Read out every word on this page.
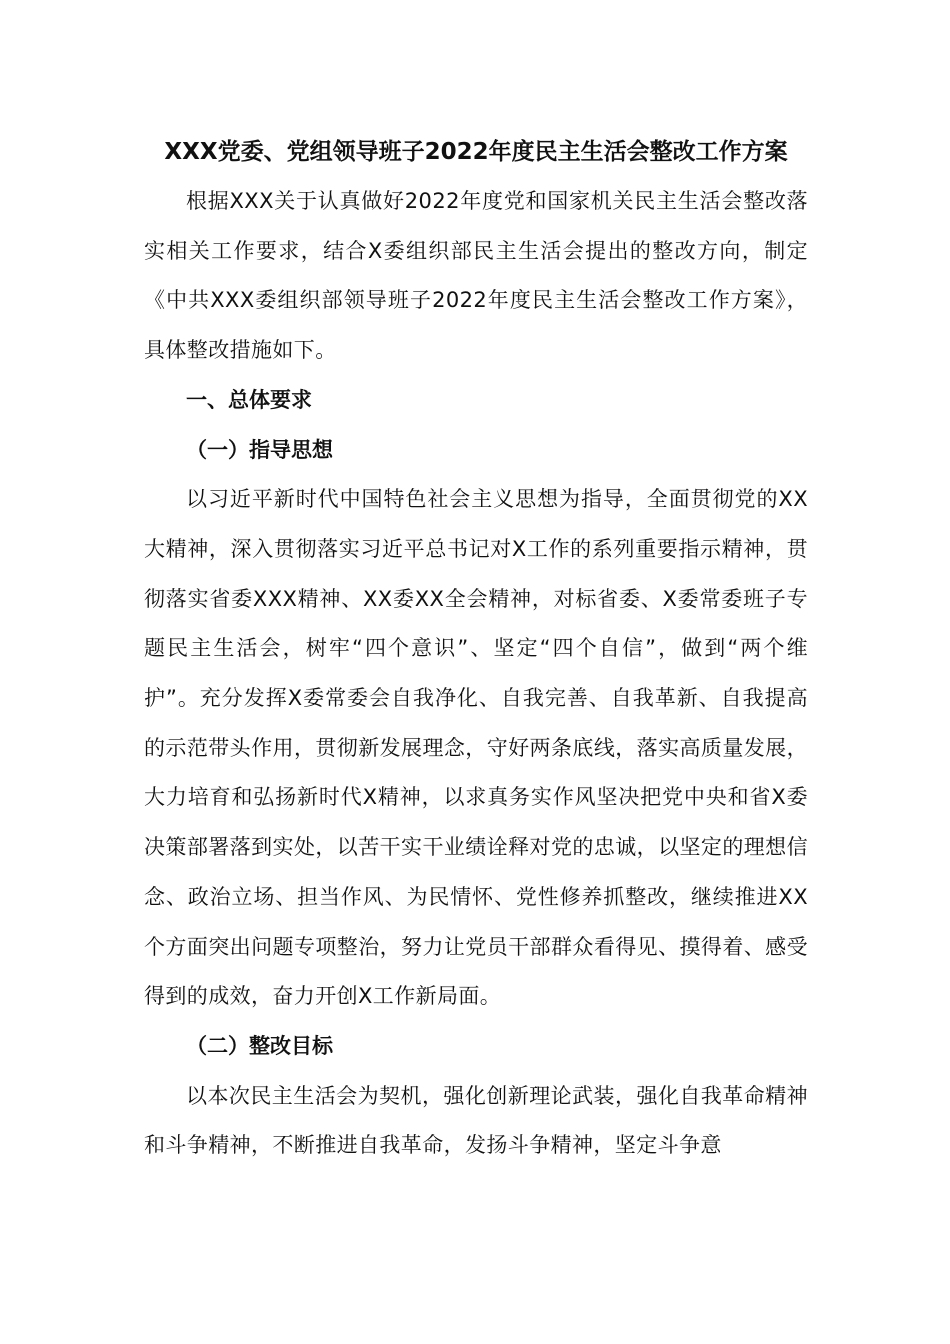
XXX党委、党组领导班子2022年度民主生活会整改工作方案

根据XXX关于认真做好2022年度党和国家机关民主生活会整改落实相关工作要求，结合X委组织部民主生活会提出的整改方向，制定《中共XXX委组织部领导班子2022年度民主生活会整改工作方案》，具体整改措施如下。

一、总体要求

（一）指导思想

以习近平新时代中国特色社会主义思想为指导，全面贯彻党的XX大精神，深入贯彻落实习近平总书记对X工作的系列重要指示精神，贯彻落实省委XXX精神、XX委XX全会精神，对标省委、X委常委班子专题民主生活会，树牢“四个意识”、坚定“四个自信”，做到“两个维护”。充分发挥X委常委会自我净化、自我完善、自我革新、自我提高的示范带头作用，贯彻新发展理念，守好两条底线，落实高质量发展，大力培育和弘扬新时代X精神，以求真务实作风坚决把党中央和省X委决策部署落到实处，以苦干实干业绩诠释对党的忠诚，以坚定的理想信念、政治立场、担当作风、为民情怀、党性修养抓整改，继续推进XX个方面突出问题专项整治，努力让党员干部群众看得见、摸得着、感受得到的成效，奋力开创X工作新局面。

（二）整改目标

以本次民主生活会为契机，强化创新理论武装，强化自我革命精神和斗争精神，不断推进自我革命，发扬斗争精神，坚定斗争意
